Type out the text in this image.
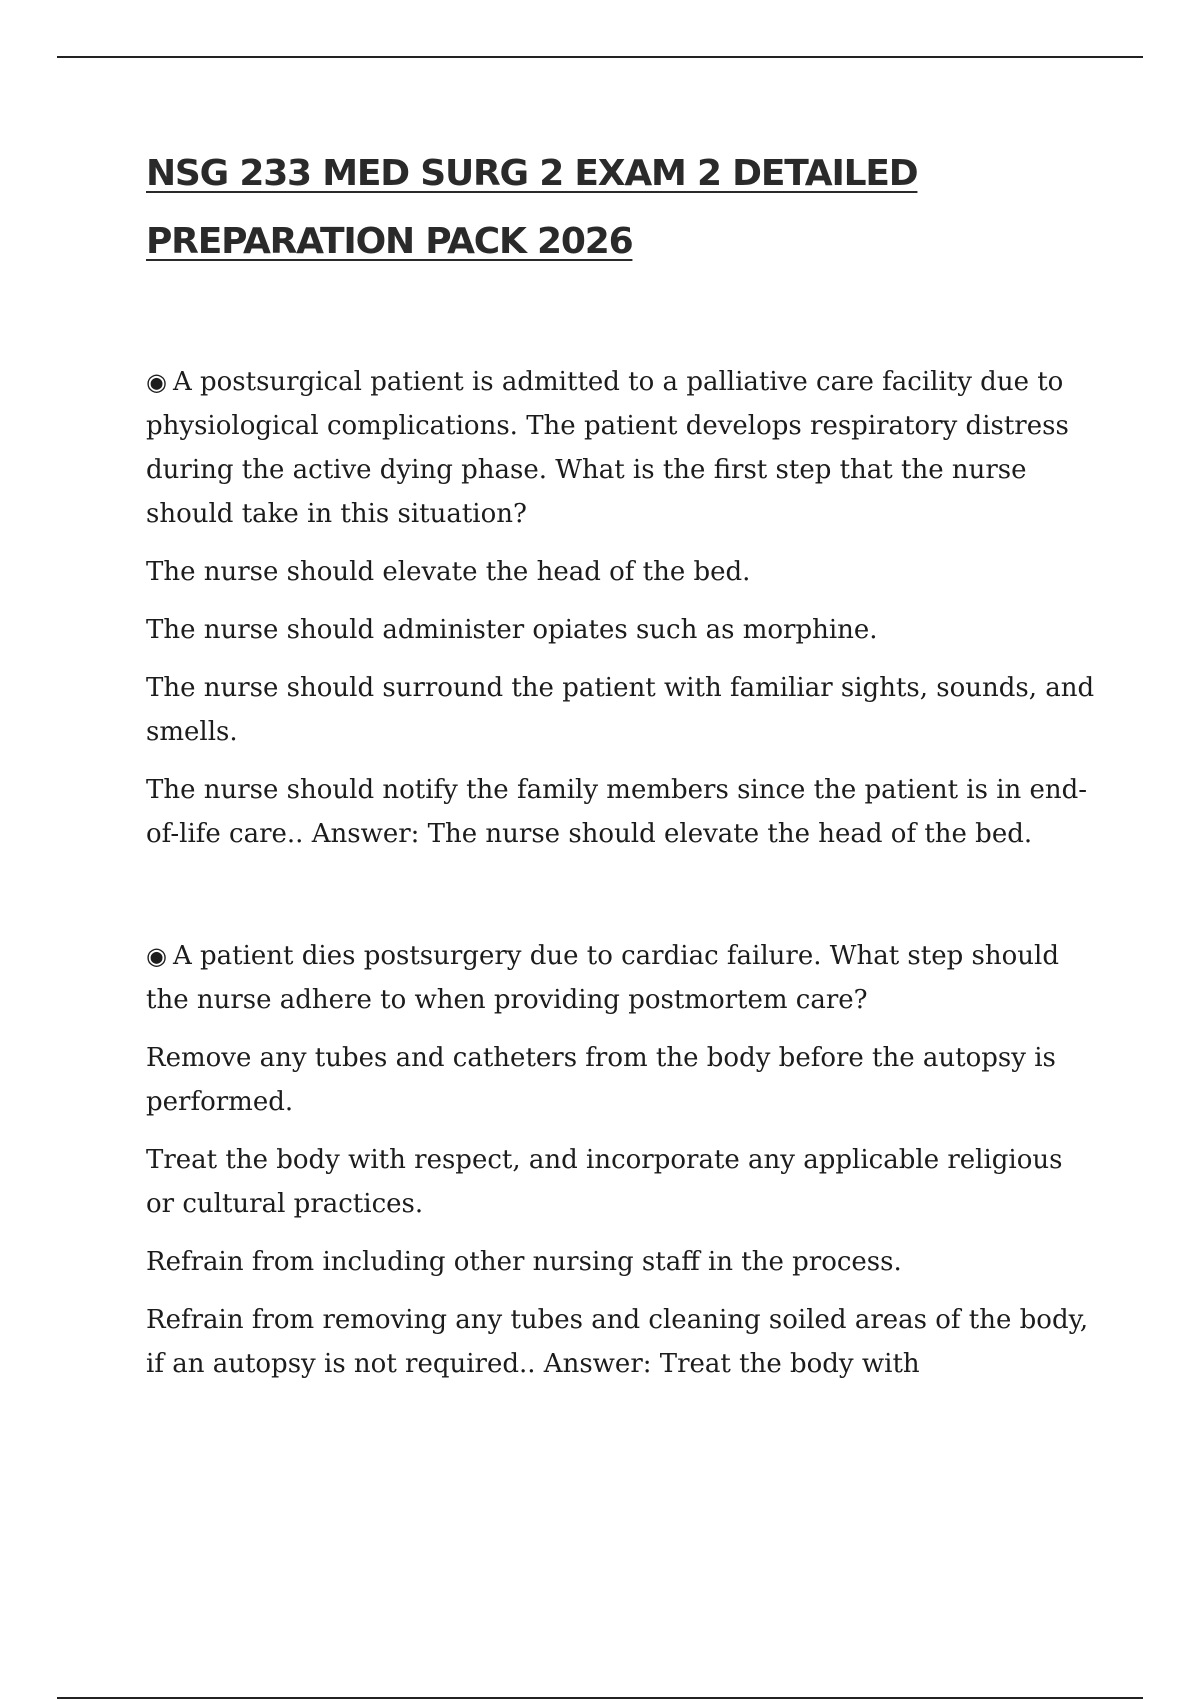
NSG 233 MED SURG 2 EXAM 2 DETAILED PREPARATION PACK 2026

◉ A postsurgical patient is admitted to a palliative care facility due to physiological complications. The patient develops respiratory distress during the active dying phase. What is the first step that the nurse should take in this situation?

The nurse should elevate the head of the bed.

The nurse should administer opiates such as morphine.

The nurse should surround the patient with familiar sights, sounds, and smells.

The nurse should notify the family members since the patient is in end-of-life care.. Answer: The nurse should elevate the head of the bed.

◉ A patient dies postsurgery due to cardiac failure. What step should the nurse adhere to when providing postmortem care?

Remove any tubes and catheters from the body before the autopsy is performed.

Treat the body with respect, and incorporate any applicable religious or cultural practices.

Refrain from including other nursing staff in the process.

Refrain from removing any tubes and cleaning soiled areas of the body, if an autopsy is not required.. Answer: Treat the body with
